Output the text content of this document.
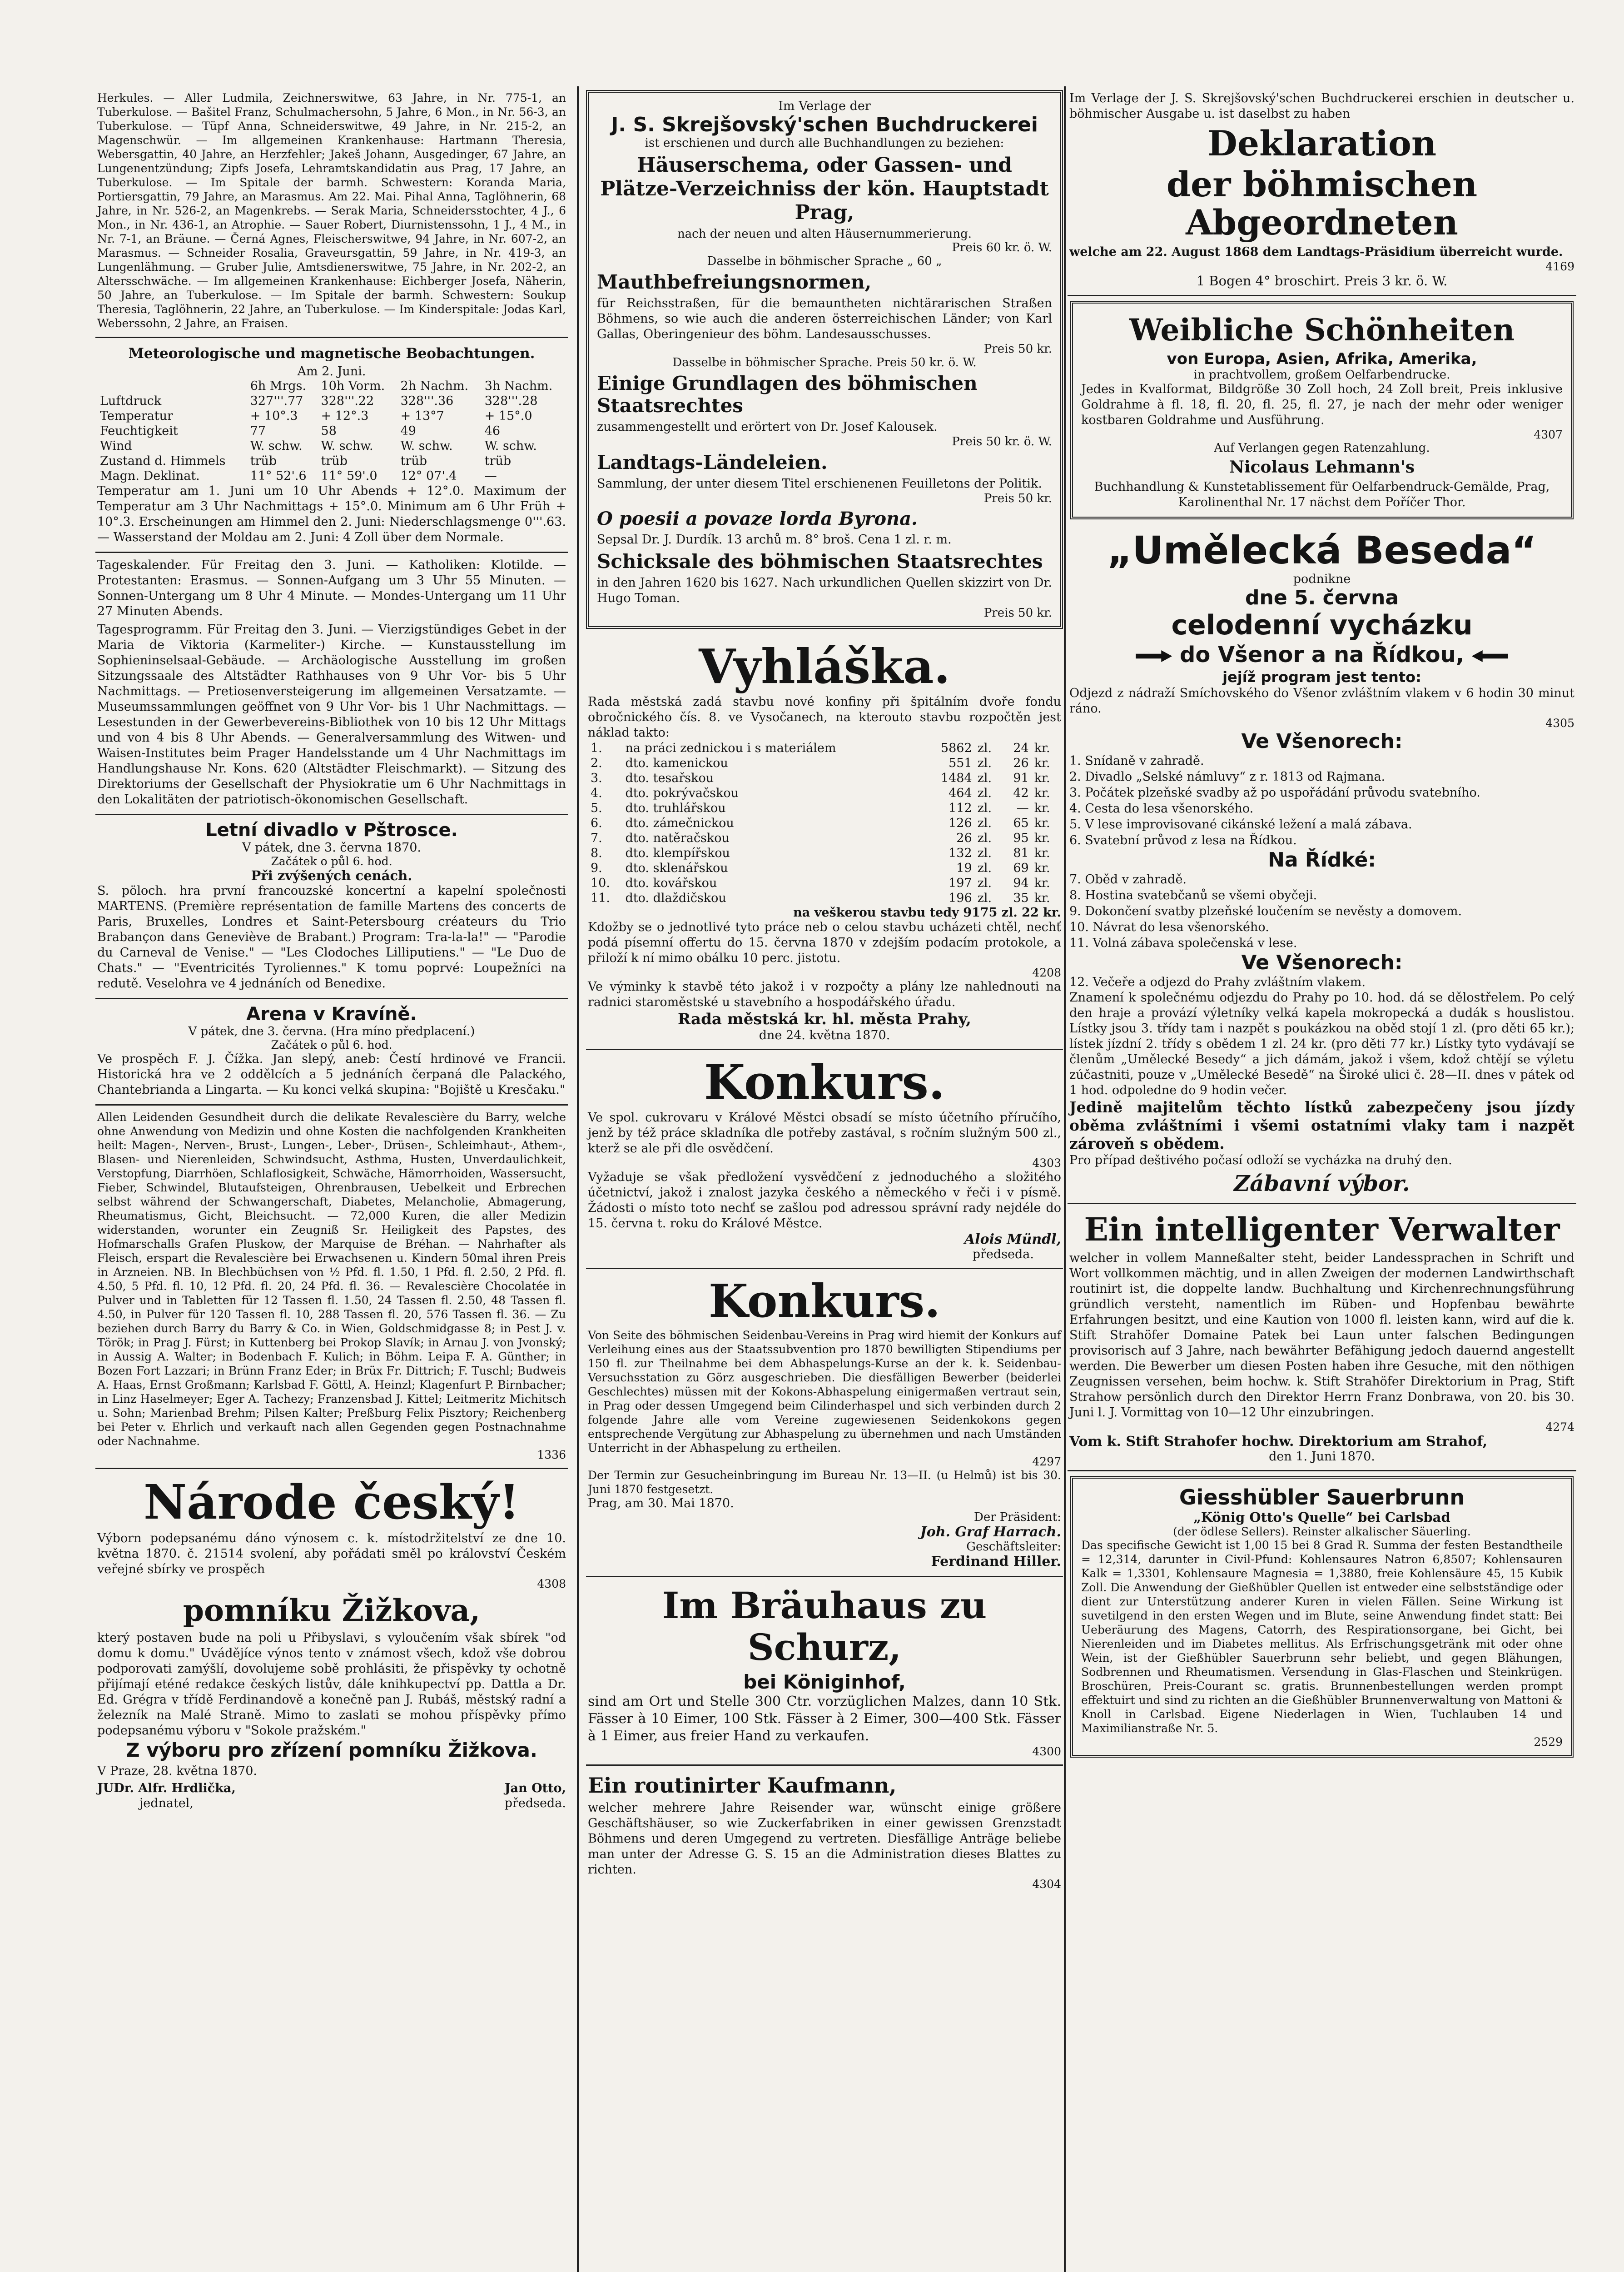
Herkules. — Aller Ludmila, Zeichnerswitwe, 63 Jahre, in Nr. 775-1, an Tuberkulose. — Bašitel Franz, Schulmachersohn, 5 Jahre, 6 Mon., in Nr. 56-3, an Tuberkulose. — Tüpf Anna, Schneiderswitwe, 49 Jahre, in Nr. 215-2, an Magenschwür. — Im allgemeinen Krankenhause: Hartmann Theresia, Webersgattin, 40 Jahre, an Herzfehler; Jakeš Johann, Ausgedinger, 67 Jahre, an Lungenentzündung; Zipfs Josefa, Lehramtskandidatin aus Prag, 17 Jahre, an Tuberkulose. — Im Spitale der barmh. Schwestern: Koranda Maria, Portiersgattin, 79 Jahre, an Marasmus. Am 22. Mai. Pihal Anna, Taglöhnerin, 68 Jahre, in Nr. 526-2, an Magenkrebs. — Serak Maria, Schneidersstochter, 4 J., 6 Mon., in Nr. 436-1, an Atrophie. — Sauer Robert, Diurnistenssohn, 1 J., 4 M., in Nr. 7-1, an Bräune. — Černá Agnes, Fleischerswitwe, 94 Jahre, in Nr. 607-2, an Marasmus. — Schneider Rosalia, Graveursgattin, 59 Jahre, in Nr. 419-3, an Lungenlähmung. — Gruber Julie, Amtsdienerswitwe, 75 Jahre, in Nr. 202-2, an Altersschwäche. — Im allgemeinen Krankenhause: Eichberger Josefa, Näherin, 50 Jahre, an Tuberkulose. — Im Spitale der barmh. Schwestern: Soukup Theresia, Taglöhnerin, 22 Jahre, an Tuberkulose. — Im Kinderspitale: Jodas Karl, Weberssohn, 2 Jahre, an Fraisen.

Meteorologische und magnetische Beobachtungen.
Am 2. Juni.
	6h Mrgs.	10h Vorm.	2h Nachm.	3h Nachm.
Luftdruck	327'''.77	328'''.22	328'''.36	328'''.28
Temperatur	+ 10°.3	+ 12°.3	+ 13°7	+ 15°.0
Feuchtigkeit	77	58	49	46
Wind	W. schw.	W. schw.	W. schw.	W. schw.
Zustand d. Himmels	trüb	trüb	trüb	trüb
Magn. Deklinat.	11° 52'.6	11° 59'.0	12° 07'.4	—

Temperatur am 1. Juni um 10 Uhr Abends + 12°.0. Maximum der Temperatur am 3 Uhr Nachmittags + 15°.0. Minimum am 6 Uhr Früh + 10°.3. Erscheinungen am Himmel den 2. Juni: Niederschlagsmenge 0'''.63. — Wasserstand der Moldau am 2. Juni: 4 Zoll über dem Normale.

Tageskalender. Für Freitag den 3. Juni. — Katholiken: Klotilde. — Protestanten: Erasmus. — Sonnen-Aufgang um 3 Uhr 55 Minuten. — Sonnen-Untergang um 8 Uhr 4 Minute. — Mondes-Untergang um 11 Uhr 27 Minuten Abends.

Tagesprogramm. Für Freitag den 3. Juni. — Vierzigstündiges Gebet in der Maria de Viktoria (Karmeliter-) Kirche. — Kunstausstellung im Sophieninselsaal-Gebäude. — Archäologische Ausstellung im großen Sitzungssaale des Altstädter Rathhauses von 9 Uhr Vor- bis 5 Uhr Nachmittags. — Pretiosenversteigerung im allgemeinen Versatzamte. — Museumssammlungen geöffnet von 9 Uhr Vor- bis 1 Uhr Nachmittags. — Lesestunden in der Gewerbevereins-Bibliothek von 10 bis 12 Uhr Mittags und von 4 bis 8 Uhr Abends. — Generalversammlung des Witwen- und Waisen-Institutes beim Prager Handelsstande um 4 Uhr Nachmittags im Handlungshause Nr. Kons. 620 (Altstädter Fleischmarkt). — Sitzung des Direktoriums der Gesellschaft der Physiokratie um 6 Uhr Nachmittags in den Lokalitäten der patriotisch-ökonomischen Gesellschaft.

Letní divadlo v Pštrosce.
V pátek, dne 3. června 1870.
Začátek o půl 6. hod.
Při zvýšených cenách.

S. pöloch. hra první francouzské koncertní a kapelní společnosti MARTENS. (Première représentation de famille Martens des concerts de Paris, Bruxelles, Londres et Saint-Petersbourg créateurs du Trio Brabançon dans Geneviève de Brabant.) Program: Tra-la-la!" — "Parodie du Carneval de Venise." — "Les Clodoches Lilliputiens." — "Le Duo de Chats." — "Eventricités Tyroliennes." K tomu poprvé: Loupežníci na redutě. Veselohra ve 4 jednáních od Benedixe.

Arena v Kravíně.
V pátek, dne 3. června. (Hra míno předplacení.)
Začátek o půl 6. hod.

Ve prospěch F. J. Čížka. Jan slepý, aneb: Čestí hrdinové ve Francii. Historická hra ve 2 oddělcích a 5 jednáních čerpaná dle Palackého, Chantebrianda a Lingarta. — Ku konci velká skupina: "Bojiště u Kresčaku."

Allen Leidenden Gesundheit durch die delikate Revalescière du Barry, welche ohne Anwendung von Medizin und ohne Kosten die nachfolgenden Krankheiten heilt: Magen-, Nerven-, Brust-, Lungen-, Leber-, Drüsen-, Schleimhaut-, Athem-, Blasen- und Nierenleiden, Schwindsucht, Asthma, Husten, Unverdaulichkeit, Verstopfung, Diarrhöen, Schlaflosigkeit, Schwäche, Hämorrhoiden, Wassersucht, Fieber, Schwindel, Blutaufsteigen, Ohrenbrausen, Uebelkeit und Erbrechen selbst während der Schwangerschaft, Diabetes, Melancholie, Abmagerung, Rheumatismus, Gicht, Bleichsucht. — 72,000 Kuren, die aller Medizin widerstanden, worunter ein Zeugniß Sr. Heiligkeit des Papstes, des Hofmarschalls Grafen Pluskow, der Marquise de Bréhan. — Nahrhafter als Fleisch, erspart die Revalescière bei Erwachsenen u. Kindern 50mal ihren Preis in Arzneien. NB. In Blechbüchsen von ½ Pfd. fl. 1.50, 1 Pfd. fl. 2.50, 2 Pfd. fl. 4.50, 5 Pfd. fl. 10, 12 Pfd. fl. 20, 24 Pfd. fl. 36. — Revalescière Chocolatée in Pulver und in Tabletten für 12 Tassen fl. 1.50, 24 Tassen fl. 2.50, 48 Tassen fl. 4.50, in Pulver für 120 Tassen fl. 10, 288 Tassen fl. 20, 576 Tassen fl. 36. — Zu beziehen durch Barry du Barry & Co. in Wien, Goldschmidgasse 8; in Pest J. v. Török; in Prag J. Fürst; in Kuttenberg bei Prokop Slavík; in Arnau J. von Jvonský; in Aussig A. Walter; in Bodenbach F. Kulich; in Böhm. Leipa F. A. Günther; in Bozen Fort Lazzari; in Brünn Franz Eder; in Brüx Fr. Dittrich; F. Tuschl; Budweis A. Haas, Ernst Großmann; Karlsbad F. Göttl, A. Heinzl; Klagenfurt P. Birnbacher; in Linz Haselmeyer; Eger A. Tachezy; Franzensbad J. Kittel; Leitmeritz Michitsch u. Sohn; Marienbad Brehm; Pilsen Kalter; Preßburg Felix Pisztory; Reichenberg bei Peter v. Ehrlich und verkauft nach allen Gegenden gegen Postnachnahme oder Nachnahme.

1336
Národe český!

Výborn podepsanému dáno výnosem c. k. místodržitelství ze dne 10. května 1870. č. 21514 svolení, aby pořádati směl po království Českém veřejné sbírky ve prospěch

4308
pomníku Žižkova,

který postaven bude na poli u Přibyslavi, s vyloučením však sbírek "od domu k domu." Uvádějíce výnos tento v známost všech, kdož vše dobrou podporovati zamýšlí, dovolujeme sobě prohlásiti, že přispěvky ty ochotně přijímají eténé redakce českých listův, dále knihkupectví pp. Dattla a Dr. Ed. Grégra v třídě Ferdinandově a konečně pan J. Rubáš, městský radní a železník na Malé Straně. Mimo to zaslati se mohou příspěvky přímo podepsanému výboru v "Sokole pražském."

Z výboru pro zřízení pomníku Žižkova.
V Praze, 28. května 1870.
JUDr. Alfr. Hrdlička,
jednatel,
Jan Otto,
předseda.
Im Verlage der
J. S. Skrejšovský'schen Buchdruckerei
ist erschienen und durch alle Buchhandlungen zu beziehen:
Häuserschema, oder Gassen- und Plätze-Verzeichniss der kön. Hauptstadt Prag,
nach der neuen und alten Häusernummerierung.
Preis 60 kr. ö. W.
Dasselbe in böhmischer Sprache „ 60 „
Mauthbefreiungsnormen,

für Reichsstraßen, für die bemauntheten nichtärarischen Straßen Böhmens, so wie auch die anderen österreichischen Länder; von Karl Gallas, Oberingenieur des böhm. Landesausschusses.

Preis 50 kr.
Dasselbe in böhmischer Sprache. Preis 50 kr. ö. W.
Einige Grundlagen des böhmischen Staatsrechtes

zusammengestellt und erörtert von Dr. Josef Kalousek.

Preis 50 kr. ö. W.
Landtags-Ländeleien.

Sammlung, der unter diesem Titel erschienenen Feuilletons der Politik.

Preis 50 kr.
O poesii a povaze lorda Byrona.

Sepsal Dr. J. Durdík. 13 archů m. 8° broš. Cena 1 zl. r. m.

Schicksale des böhmischen Staatsrechtes

in den Jahren 1620 bis 1627. Nach urkundlichen Quellen skizzirt von Dr. Hugo Toman.

Preis 50 kr.
Vyhláška.

Rada městská zadá stavbu nové konfiny při špitálním dvoře fondu obročnického čís. 8. ve Vysočanech, na kterouto stavbu rozpočtěn jest náklad takto:

1.	na práci zednickou i s materiálem	5862	zl.	24	kr.
2.	dto. kamenickou	551	zl.	26	kr.
3.	dto. tesařskou	1484	zl.	91	kr.
4.	dto. pokrývačskou	464	zl.	42	kr.
5.	dto. truhlářskou	112	zl.	—	kr.
6.	dto. zámečnickou	126	zl.	65	kr.
7.	dto. natěračskou	26	zl.	95	kr.
8.	dto. klempířskou	132	zl.	81	kr.
9.	dto. sklenářskou	19	zl.	69	kr.
10.	dto. kovářskou	197	zl.	94	kr.
11.	dto. dlaždičskou	196	zl.	35	kr.
na veškerou stavbu tedy 9175 zl. 22 kr.

Kdožby se o jednotlivé tyto práce neb o celou stavbu ucházeti chtěl, nechť podá písemní offertu do 15. června 1870 v zdejším podacím protokole, a přiloží k ní mimo obálku 10 perc. jistotu.

4208

Ve výminky k stavbě této jakož i v rozpočty a plány lze nahlednouti na radnici staroměstské u stavebního a hospodářského úřadu.

Rada městská kr. hl. města Prahy,
dne 24. května 1870.
Konkurs.

Ve spol. cukrovaru v Králové Městci obsadí se místo účetního příručího, jenž by též práce skladníka dle potřeby zastával, s ročním služným 500 zl., kterž se ale při dle osvědčení.

4303

Vyžaduje se však předložení vysvědčení z jednoduchého a složitého účetnictví, jakož i znalost jazyka českého a německého v řeči i v písmě. Žádosti o místo toto nechť se zašlou pod adressou správní rady nejdéle do 15. června t. roku do Králové Městce.

Alois Mündl,
předseda.
Konkurs.

Von Seite des böhmischen Seidenbau-Vereins in Prag wird hiemit der Konkurs auf Verleihung eines aus der Staatssubvention pro 1870 bewilligten Stipendiums per 150 fl. zur Theilnahme bei dem Abhaspelungs-Kurse an der k. k. Seidenbau-Versuchsstation zu Görz ausgeschrieben. Die diesfälligen Bewerber (beiderlei Geschlechtes) müssen mit der Kokons-Abhaspelung einigermaßen vertraut sein, in Prag oder dessen Umgegend beim Cilinderhaspel und sich verbinden durch 2 folgende Jahre alle vom Vereine zugewiesenen Seidenkokons gegen entsprechende Vergütung zur Abhaspelung zu übernehmen und nach Umständen Unterricht in der Abhaspelung zu ertheilen.

4297

Der Termin zur Gesucheinbringung im Bureau Nr. 13—II. (u Helmů) ist bis 30. Juni 1870 festgesetzt.

Prag, am 30. Mai 1870.
Der Präsident:
Joh. Graf Harrach.
Geschäftsleiter:
Ferdinand Hiller.
Im Bräuhaus zu Schurz,
bei Königinhof,

sind am Ort und Stelle 300 Ctr. vorzüglichen Malzes, dann 10 Stk. Fässer à 10 Eimer, 100 Stk. Fässer à 2 Eimer, 300—400 Stk. Fässer à 1 Eimer, aus freier Hand zu verkaufen.

4300
Ein routinirter Kaufmann,

welcher mehrere Jahre Reisender war, wünscht einige größere Geschäftshäuser, so wie Zuckerfabriken in einer gewissen Grenzstadt Böhmens und deren Umgegend zu vertreten. Diesfällige Anträge beliebe man unter der Adresse G. S. 15 an die Administration dieses Blattes zu richten.

4304

Im Verlage der J. S. Skrejšovský'schen Buchdruckerei erschien in deutscher u. böhmischer Ausgabe u. ist daselbst zu haben

Deklaration
der böhmischen Abgeordneten

welche am 22. August 1868 dem Landtags-Präsidium überreicht wurde.

4169
1 Bogen 4° broschirt. Preis 3 kr. ö. W.
Weibliche Schönheiten
von Europa, Asien, Afrika, Amerika,
in prachtvollem, großem Oelfarbendrucke.

Jedes in Kvalformat, Bildgröße 30 Zoll hoch, 24 Zoll breit, Preis inklusive Goldrahme à fl. 18, fl. 20, fl. 25, fl. 27, je nach der mehr oder weniger kostbaren Goldrahme und Ausführung.

4307
Auf Verlangen gegen Ratenzahlung.
Nicolaus Lehmann's

Buchhandlung & Kunstetablissement für Oelfarbendruck-Gemälde, Prag, Karolinenthal Nr. 17 nächst dem Poříčer Thor.

„Umělecká Beseda“
podnikne
dne 5. června
celodenní vycházku
do Všenor a na Řídkou,
jejíž program jest tento:

Odjezd z nádraží Smíchovského do Všenor zvláštním vlakem v 6 hodin 30 minut ráno.

4305
Ve Všenorech:

1. Snídaně v zahradě.

2. Divadlo „Selské námluvy“ z r. 1813 od Rajmana.

3. Počátek plzeňské svadby až po uspořádání průvodu svatebního.

4. Cesta do lesa všenorského.

5. V lese improvisované cikánské ležení a malá zábava.

6. Svatební průvod z lesa na Řídkou.

Na Řídké:

7. Oběd v zahradě.

8. Hostina svatebčanů se všemi obyčeji.

9. Dokončení svatby plzeňské loučením se nevěsty a domovem.

10. Návrat do lesa všenorského.

11. Volná zábava společenská v lese.

Ve Všenorech:

12. Večeře a odjezd do Prahy zvláštním vlakem.

Znamení k společnému odjezdu do Prahy po 10. hod. dá se dělostřelem. Po celý den hraje a provází výletníky velká kapela mokropecká a dudák s houslistou. Lístky jsou 3. třídy tam i nazpět s poukázkou na oběd stojí 1 zl. (pro děti 65 kr.); lístek jízdní 2. třídy s obědem 1 zl. 24 kr. (pro děti 77 kr.) Lístky tyto vydávají se členům „Umělecké Besedy“ a jich dámám, jakož i všem, kdož chtějí se výletu zúčastniti, pouze v „Umělecké Besedě“ na Široké ulici č. 28—II. dnes v pátek od 1 hod. odpoledne do 9 hodin večer.

Jedině majitelům těchto lístků zabezpečeny jsou jízdy oběma zvláštními i všemi ostatními vlaky tam i nazpět zároveň s obědem.

Pro případ deštivého počasí odloží se vycházka na druhý den.

Zábavní výbor.
Ein intelligenter Verwalter

welcher in vollem Manneßalter steht, beider Landessprachen in Schrift und Wort vollkommen mächtig, und in allen Zweigen der modernen Landwirthschaft routinirt ist, die doppelte landw. Buchhaltung und Kirchenrechnungsführung gründlich versteht, namentlich im Rüben- und Hopfenbau bewährte Erfahrungen besitzt, und eine Kaution von 1000 fl. leisten kann, wird auf die k. Stift Strahöfer Domaine Patek bei Laun unter falschen Bedingungen provisorisch auf 3 Jahre, nach bewährter Befähigung jedoch dauernd angestellt werden. Die Bewerber um diesen Posten haben ihre Gesuche, mit den nöthigen Zeugnissen versehen, beim hochw. k. Stift Strahöfer Direktorium in Prag, Stift Strahow persönlich durch den Direktor Herrn Franz Donbrawa, von 20. bis 30. Juni l. J. Vormittag von 10—12 Uhr einzubringen.

4274
Vom k. Stift Strahofer hochw. Direktorium am Strahof,
den 1. Juni 1870.
Giesshübler Sauerbrunn
„König Otto's Quelle“ bei Carlsbad
(der ödlese Sellers). Reinster alkalischer Säuerling.

Das specifische Gewicht ist 1,00 15 bei 8 Grad R. Summa der festen Bestandtheile = 12,314, darunter in Civil-Pfund: Kohlensaures Natron 6,8507; Kohlensauren Kalk = 1,3301, Kohlensaure Magnesia = 1,3880, freie Kohlensäure 45, 15 Kubik Zoll. Die Anwendung der Gießhübler Quellen ist entweder eine selbstständige oder dient zur Unterstützung anderer Kuren in vielen Fällen. Seine Wirkung ist suvetilgend in den ersten Wegen und im Blute, seine Anwendung findet statt: Bei Ueberäurung des Magens, Catorrh, des Respirationsorgane, bei Gicht, bei Nierenleiden und im Diabetes mellitus. Als Erfrischungsgetränk mit oder ohne Wein, ist der Gießhübler Sauerbrunn sehr beliebt, und gegen Blähungen, Sodbrennen und Rheumatismen. Versendung in Glas-Flaschen und Steinkrügen. Broschüren, Preis-Courant sc. gratis. Brunnenbestellungen werden prompt effektuirt und sind zu richten an die Gießhübler Brunnenverwaltung von Mattoni & Knoll in Carlsbad. Eigene Niederlagen in Wien, Tuchlauben 14 und Maximilianstraße Nr. 5.

2529
